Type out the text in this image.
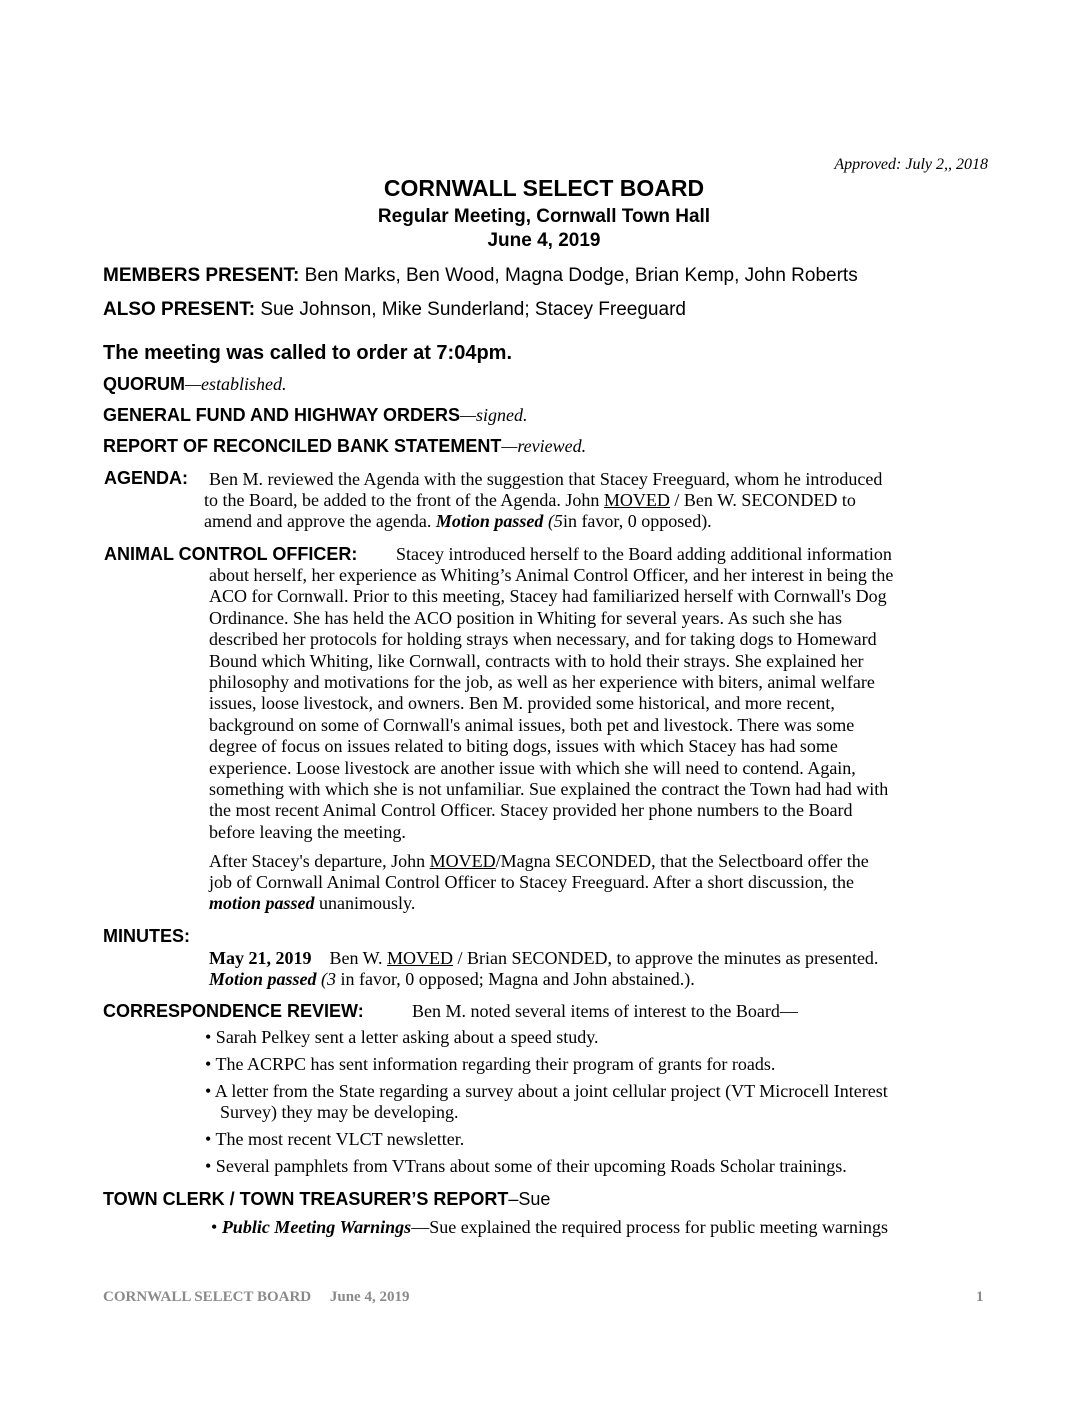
Approved: July 2,, 2018
CORNWALL SELECT BOARD
Regular Meeting, Cornwall Town Hall
June 4, 2019
MEMBERS PRESENT: Ben Marks, Ben Wood, Magna Dodge, Brian Kemp, John Roberts
ALSO PRESENT: Sue Johnson, Mike Sunderland; Stacey Freeguard
The meeting was called to order at 7:04pm.
QUORUM—established.
GENERAL FUND AND HIGHWAY ORDERS—signed.
REPORT OF RECONCILED BANK STATEMENT—reviewed.
AGENDA: Ben M. reviewed the Agenda with the suggestion that Stacey Freeguard, whom he introduced
to the Board, be added to the front of the Agenda. John MOVED / Ben W. SECONDED to
amend and approve the agenda. Motion passed (5in favor, 0 opposed).
ANIMAL CONTROL OFFICER: Stacey introduced herself to the Board adding additional information
about herself, her experience as Whiting’s Animal Control Officer, and her interest in being the
ACO for Cornwall. Prior to this meeting, Stacey had familiarized herself with Cornwall's Dog
Ordinance. She has held the ACO position in Whiting for several years. As such she has
described her protocols for holding strays when necessary, and for taking dogs to Homeward
Bound which Whiting, like Cornwall, contracts with to hold their strays. She explained her
philosophy and motivations for the job, as well as her experience with biters, animal welfare
issues, loose livestock, and owners. Ben M. provided some historical, and more recent,
background on some of Cornwall's animal issues, both pet and livestock. There was some
degree of focus on issues related to biting dogs, issues with which Stacey has had some
experience. Loose livestock are another issue with which she will need to contend. Again,
something with which she is not unfamiliar. Sue explained the contract the Town had had with
the most recent Animal Control Officer. Stacey provided her phone numbers to the Board
before leaving the meeting.
After Stacey's departure, John MOVED/Magna SECONDED, that the Selectboard offer the
job of Cornwall Animal Control Officer to Stacey Freeguard. After a short discussion, the
motion passed unanimously.
MINUTES:
May 21, 2019 Ben W. MOVED / Brian SECONDED, to approve the minutes as presented.
Motion passed (3 in favor, 0 opposed; Magna and John abstained.).
CORRESPONDENCE REVIEW:	Ben M. noted several items of interest to the Board—
• Sarah Pelkey sent a letter asking about a speed study.
• The ACRPC has sent information regarding their program of grants for roads.
• A letter from the State regarding a survey about a joint cellular project (VT Microcell Interest
Survey) they may be developing.
• The most recent VLCT newsletter.
• Several pamphlets from VTrans about some of their upcoming Roads Scholar trainings.
TOWN CLERK / TOWN TREASURER’S REPORT–Sue
• Public Meeting Warnings—Sue explained the required process for public meeting warnings
CORNWALL SELECT BOARD June 4, 2019	1
